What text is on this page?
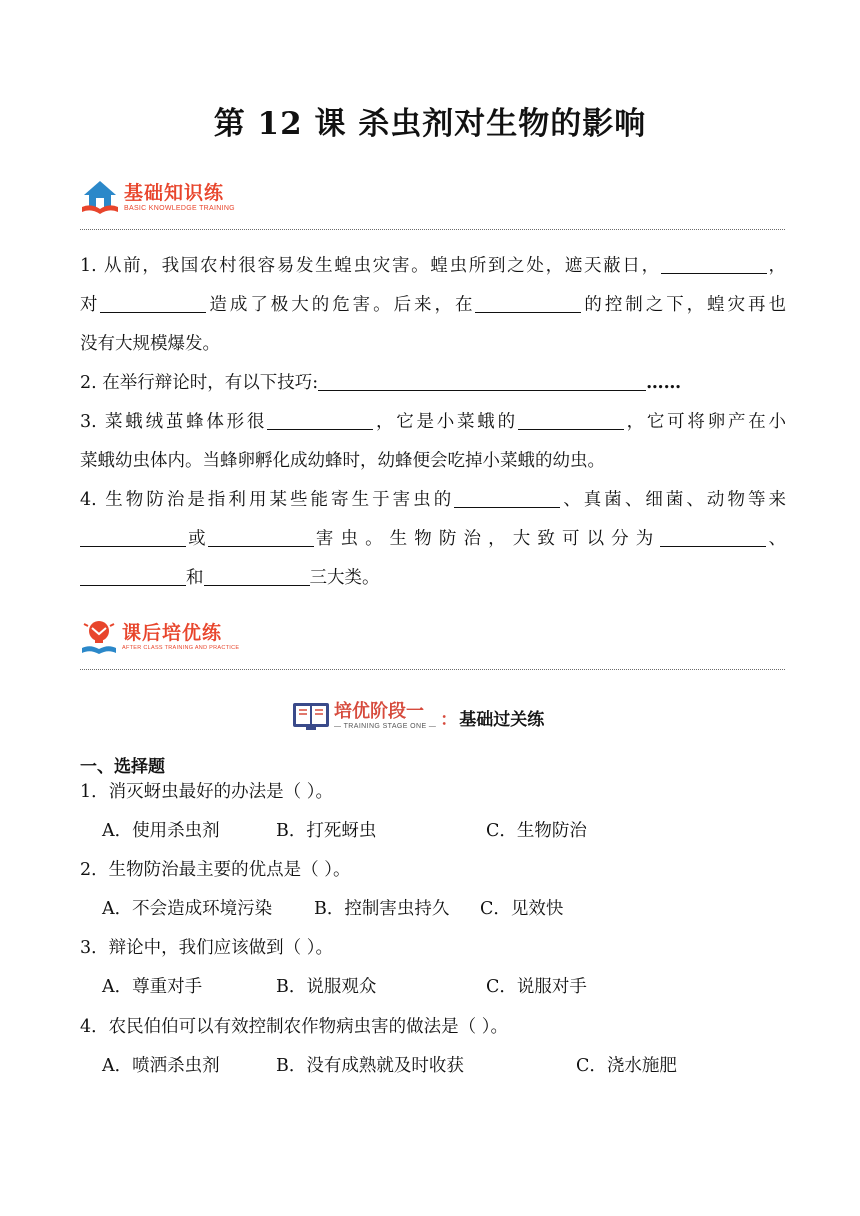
第 12 课 杀虫剂对生物的影响
基础知识练
BASIC KNOWLEDGE TRAINING
1. 从前，我国农村很容易发生蝗虫灾害。蝗虫所到之处，遮天蔽日，	，
对	造成了极大的危害。后来，在	的控制之下，蝗灾再也
没有大规模爆发。
2. 在举行辩论时，有以下技巧:	……
3. 菜蛾绒茧蜂体形很	，它是小菜蛾的	，它可将卵产在小
菜蛾幼虫体内。当蜂卵孵化成幼蜂时，幼蜂便会吃掉小菜蛾的幼虫。
4. 生物防治是指利用某些能寄生于害虫的	、真菌、细菌、动物等来
或	害虫。生物防治，大致可以分为	、
和	三大类。
课后培优练
AFTER CLASS TRAINING AND PRACTICE
培优阶段一
— TRAINING STAGE ONE — ： 基础过关练
一、选择题
1．消灭蚜虫最好的办法是（ ）。
A．使用杀虫剂	B．打死蚜虫	C．生物防治
2．生物防治最主要的优点是（ ）。
A．不会造成环境污染 B．控制害虫持久 C．见效快
3．辩论中，我们应该做到（ ）。
A．尊重对手	B．说服观众	C．说服对手
4．农民伯伯可以有效控制农作物病虫害的做法是（ ）。
A．喷洒杀虫剂	B．没有成熟就及时收获	C．浇水施肥
